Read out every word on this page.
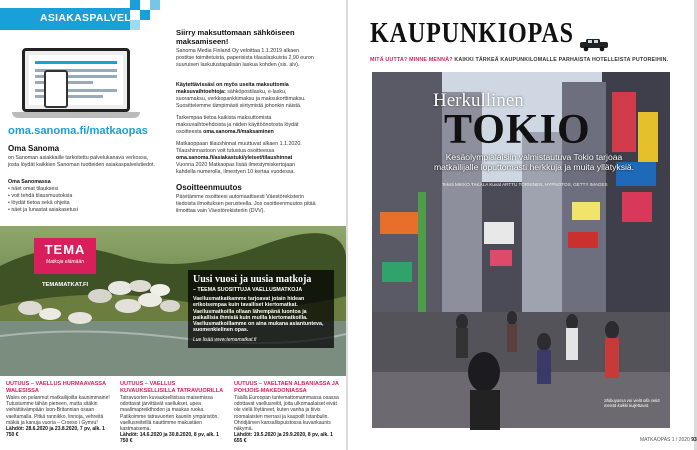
ASIAKASPALVELU
oma.sanoma.fi/matkaopas
Oma Sanoma
on Sanoman asiakkaille tarkoitettu palvelukanava verkossa, josta löydät kaikkien Sanoman tuotteiden asiakaspalvelutiedot.
Oma Sanomassa
• näet omat tilauksesi
• voit tehdä tilausmuutoksia
• löydät tietoa sekä ohjeita
• näet ja lunastat asiakasetusi
Siirry maksuttomaan sähköiseen maksamiseen!
Sanoma Media Finland Oy veloittaa 1.1.2019 alkaen postitse toimitetuista, paperisista tilauslaskuista 2,90 euron suuruisen laskutustapalisän laskua kohden (sis. alv).
Käytettävissäsi on myös useita maksuttomia maksuvaihtoehtoja: sähköpostilasku, e-lasku, suoramaksu, verkkopankkimaksu ja maksukorttimaksu. Suosittelemme tämpimästi siirtymistä johonkin näistä.
Tarkempaa tietoa kaikista maksuttomista maksuvaihtoehdoista ja niiden käyttöönotosta löydät osoitteesta oma.sanoma.fi/maksaminen
Matkaoppaan tilaushinnat muuttuvat alkaen 1.1.2020. Tilaushinnastoon voit tutustua osoitteessa oma.sanoma.fi/asiakastuki/yleiset/tilaushinnat
Vuonna 2020 Matkaopas lisää ilmestymiskertojaan kahdella numerolla, ilmestyen 10 kertaa vuodessa.
Osoitteenmuutos
Päivitämme osoitteesi automaattisesti Väestörekisterin tiedoista ilmoituksen perusteella. Jos osoitteenmuutos pitää ilmoittaa vain Väestörekisteriin (DVV).
TEMA
Matkoja elämään
TEMAMATKAT.FI	Uusi vuosi ja uusia matkoja
– TEEMA SUOSITTUJA VAELLUSMATKOJA
Vaellusmatkatkamme tarjoavat jotain hidean erikoisempaa kuin tavalliset kiertomatkat. Vaellusmatkoilla ollaan lähempänä luontoa ja paikallisia ihmisiä kuin muilla kiertomatkoilla. Vaellusmatkoillamme on aina mukana asiantunteva, suomenkielinen opas.
Lue lisää www.temamatkat.fi
UUTUUS – VAELLUS HURMAAVASSA WALESISSA
Wales on pelanmut matkailijoilta kaunimmaine! Tutustumme tähän pieneen, mutta sitäkin viehättävämpään Ison-Britannian osaan vaeltamalla. Pitkä rannikko, linnoja, vehreitä mäkiä ja kanuja vuoria – Croeso i Gymru!
Lähdöt: 28.6.2020 ja 23.8.2020, 7 pv, alk. 1 750 €
UUTUUS – VAELLUS KUVAUKSELLISILLA TATRAVUORILLA
Tatravuorten kuvauksellisissa maisemissa odottavat järvittävät vaellukset, upea maalimapreikthodon ja maukas ruoka. Patikoimme tatravuorten kauniin ympäristön, vaellusreiteillä nauttimme makustäen kastmaisema.
Lähdöt: 14.6.2020 ja 30.8.2020, 8 pv, alk. 1 750 €
UUTUUS – VAELTAEN ALBANIASSA JA POHJOIS-MAKEDONIASSA
Täällä Euroopan tuntemattomammassa osassa odottavat vaellusreitit, joita ulkomaalaiset eivät ole vielä löytäneet, kuten vanha ja tiivis roomalaisten merrasi ja kaupoilt Istanbulin. Ohridjärven kansallispuistossa kuvankaunis näkymä.
Lähdöt: 19.5.2020 ja 29.9.2020, 8 pv, alk. 1 655 €
KAUPUNKIOPAS
MITÄ UUTTA? MINNE MENNÄ? KAIKKI TÄRKEÄ KAUPUNKILOMALLE PARHAISTA HOTELLEISTA PUTOREIHIN.
Herkullinen
TOKIO
Kesäolympialaisiin valmistautuva Tokio tarjoaa matkailijalle loputtomasti herkkuja ja muita yllätyksiä.
Teksti MIKKO TAKALA Kuvat ARTTU TORNINEN, HYPNOTOS, GETTY IMAGES
Shibuyassa voi vielä olla sekä meistä kaikki kuljettavat.
MATKAOPAS 1 / 2020 93
